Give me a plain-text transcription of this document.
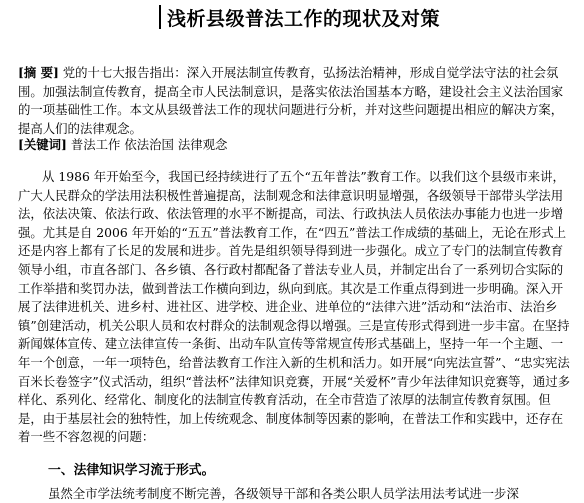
浅析县级普法工作的现状及对策

[摘 要] 党的十七大报告指出：深入开展法制宣传教育，弘扬法治精神，形成自觉学法守法的社会氛围。加强法制宣传教育，提高全市人民法制意识，是落实依法治国基本方略，建设社会主义法治国家的一项基础性工作。本文从县级普法工作的现状问题进行分析，并对这些问题提出相应的解决方案，提高人们的法律观念。

[关键词] 普法工作 依法治国 法律观念

从 1986 年开始至今，我国已经持续进行了五个“五年普法”教育工作。以我们这个县级市来讲，广大人民群众的学法用法积极性普遍提高，法制观念和法律意识明显增强，各级领导干部带头学法用法，依法决策、依法行政、依法管理的水平不断提高，司法、行政执法人员依法办事能力也进一步增强。尤其是自 2006 年开始的“五五”普法教育工作，在“四五”普法工作成绩的基础上，无论在形式上还是内容上都有了长足的发展和进步。首先是组织领导得到进一步强化。成立了专门的法制宣传教育领导小组，市直各部门、各乡镇、各行政村都配备了普法专业人员，并制定出台了一系列切合实际的工作举措和奖罚办法，做到普法工作横向到边，纵向到底。其次是工作重点得到进一步明确。深入开展了法律进机关、进乡村、进社区、进学校、进企业、进单位的“法律六进”活动和“法治市、法治乡镇”创建活动，机关公职人员和农村群众的法制观念得以增强。三是宣传形式得到进一步丰富。在坚持新闻媒体宣传、建立法律宣传一条街、出动车队宣传等常规宣传形式基础上，坚持一年一个主题、一年一个创意，一年一项特色，给普法教育工作注入新的生机和活力。如开展“向宪法宣誓”、“忠实宪法百米长卷签字”仪式活动，组织“普法杯”法律知识竞赛，开展“关爱杯”青少年法律知识竞赛等，通过多样化、系列化、经常化、制度化的法制宣传教育活动，在全市营造了浓厚的法制宣传教育氛围。但是，由于基层社会的独特性，加上传统观念、制度体制等因素的影响，在普法工作和实践中，还存在着一些不容忽视的问题：

一、法律知识学习流于形式。
虽然全市学法统考制度不断完善，各级领导干部和各类公职人员学法用法考试进一步深
